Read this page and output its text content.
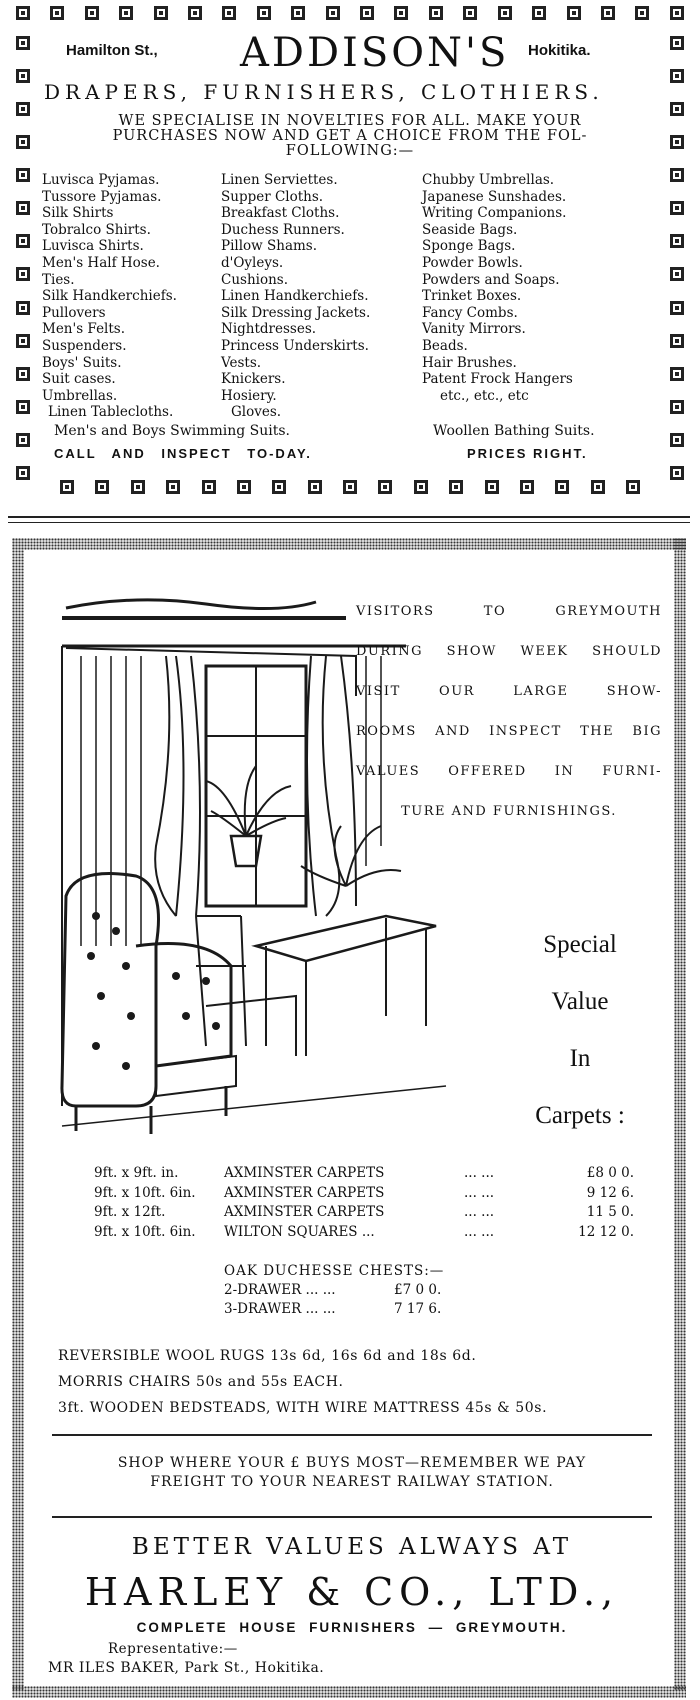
Hamilton St., ADDISON'S Hokitika.
DRAPERS, FURNISHERS, CLOTHIERS.
WE SPECIALISE IN NOVELTIES FOR ALL. MAKE YOUR
PURCHASES NOW AND GET A CHOICE FROM THE FOL-
FOLLOWING:—
Luvisca Pyjamas.
Tussore Pyjamas.
Silk Shirts
Tobralco Shirts.
Luvisca Shirts.
Men's Half Hose.
Ties.
Silk Handkerchiefs.
Pullovers
Men's Felts.
Suspenders.
Boys' Suits.
Suit cases.
Umbrellas.
Linen Tablecloths.
Linen Serviettes.
Supper Cloths.
Breakfast Cloths.
Duchess Runners.
Pillow Shams.
d'Oyleys.
Cushions.
Linen Handkerchiefs.
Silk Dressing Jackets.
Nightdresses.
Princess Underskirts.
Vests.
Knickers.
Hosiery.
Gloves.
Chubby Umbrellas.
Japanese Sunshades.
Writing Companions.
Seaside Bags.
Sponge Bags.
Powder Bowls.
Powders and Soaps.
Trinket Boxes.
Fancy Combs.
Vanity Mirrors.
Beads.
Hair Brushes.
Patent Frock Hangers
etc., etc., etc
Men's and Boys Swimming Suits.	Woollen Bathing Suits.
CALL AND INSPECT TO-DAY.	PRICES RIGHT.
VISITORS TO GREYMOUTH
DURING SHOW WEEK SHOULD
VISIT OUR LARGE SHOW-
ROOMS AND INSPECT THE BIG
VALUES OFFERED IN FURNI-
TURE AND FURNISHINGS.
Special
Value
In
Carpets :
9ft. x 9ft. in.	AXMINSTER CARPETS	... ...	£8 0 0.
9ft. x 10ft. 6in.	AXMINSTER CARPETS	... ...	9 12 6.
9ft. x 12ft.	AXMINSTER CARPETS	... ...	11 5 0.
9ft. x 10ft. 6in.	WILTON SQUARES ...	... ...	12 12 0.
OAK DUCHESSE CHESTS:—
2-DRAWER ... ...	£7 0 0.
3-DRAWER ... ...	7 17 6.
REVERSIBLE WOOL RUGS 13s 6d, 16s 6d and 18s 6d.
MORRIS CHAIRS 50s and 55s EACH.
3ft. WOODEN BEDSTEADS, WITH WIRE MATTRESS 45s & 50s.
SHOP WHERE YOUR £ BUYS MOST—REMEMBER WE PAY
FREIGHT TO YOUR NEAREST RAILWAY STATION.
BETTER VALUES ALWAYS AT
HARLEY & CO., LTD.,
COMPLETE HOUSE FURNISHERS — GREYMOUTH.
Representative:—
MR ILES BAKER, Park St., Hokitika.
